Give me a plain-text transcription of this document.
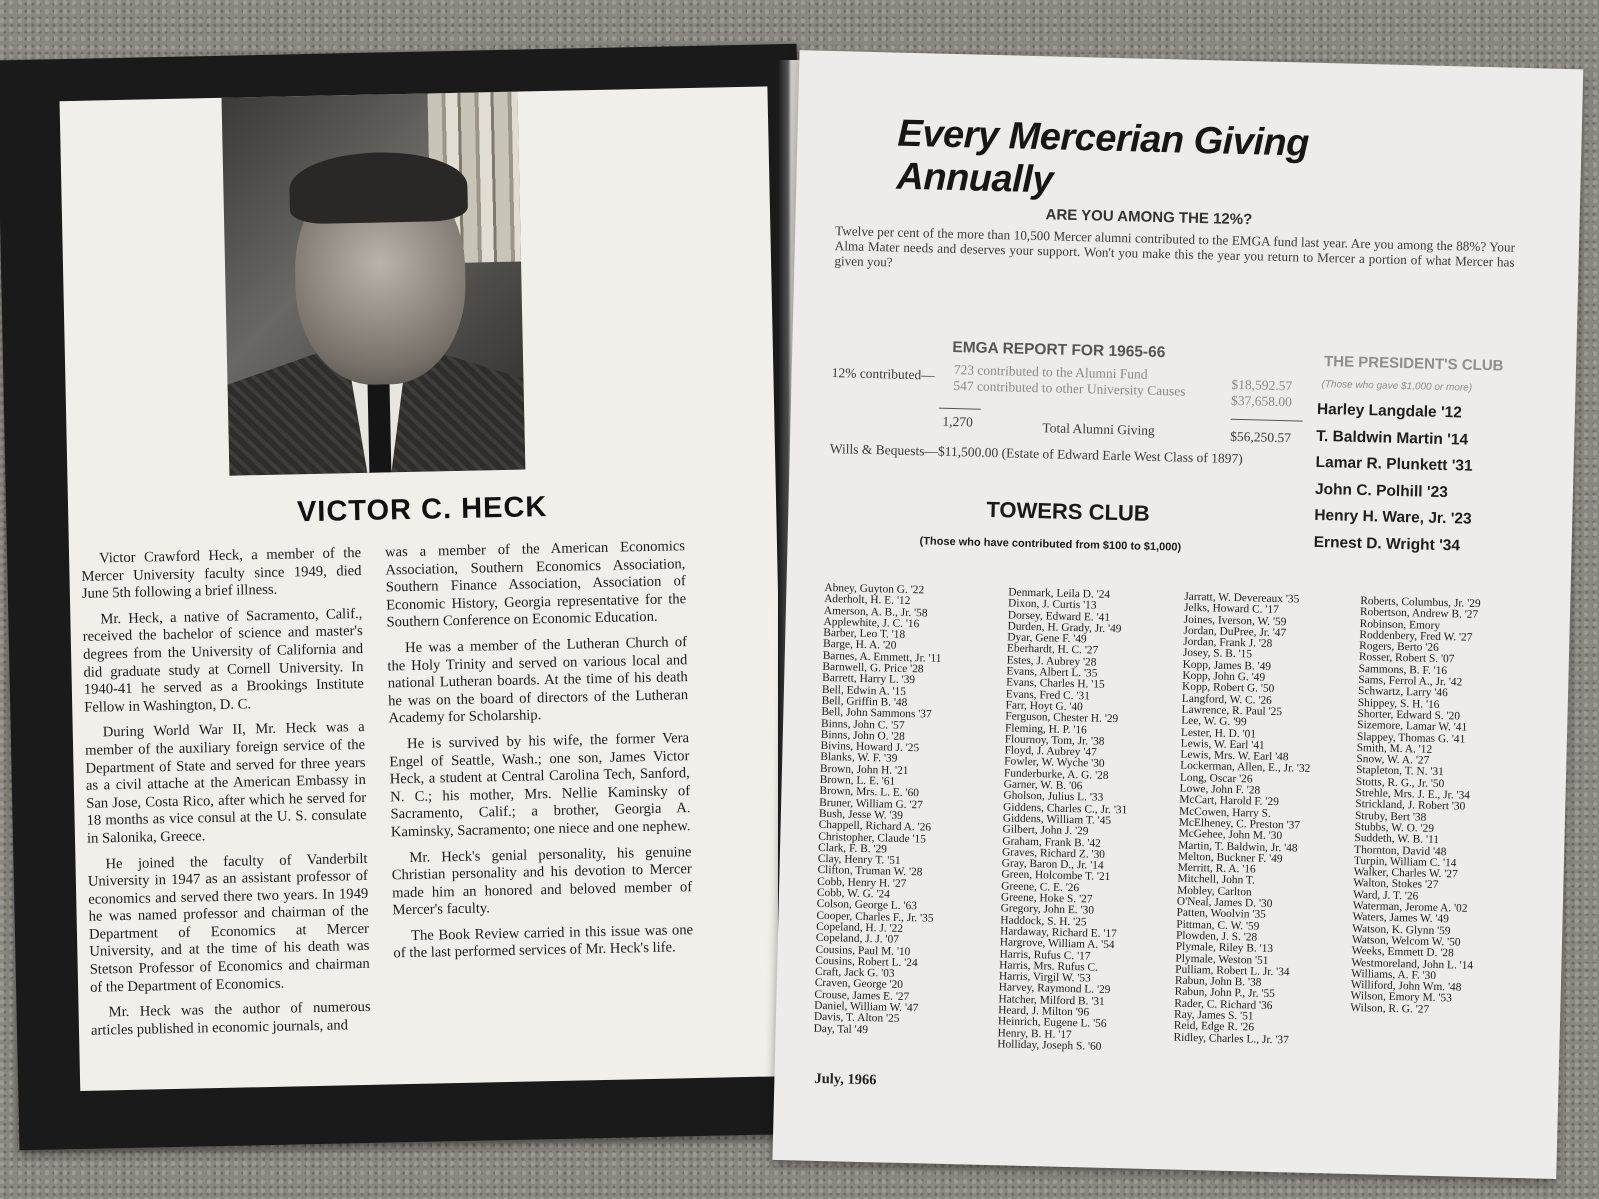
VICTOR C. HECK

Victor Crawford Heck, a member of the Mercer University faculty since 1949, died June 5th following a brief illness.

Mr. Heck, a native of Sacramento, Calif., received the bachelor of science and master's degrees from the University of California and did graduate study at Cornell University. In 1940-41 he served as a Brookings Institute Fellow in Washington, D. C.

During World War II, Mr. Heck was a member of the auxiliary foreign service of the Department of State and served for three years as a civil attache at the American Embassy in San Jose, Costa Rico, after which he served for 18 months as vice consul at the U. S. consulate in Salonika, Greece.

He joined the faculty of Vanderbilt University in 1947 as an assistant professor of economics and served there two years. In 1949 he was named professor and chairman of the Department of Economics at Mercer University, and at the time of his death was Stetson Professor of Economics and chairman of the Department of Economics.

Mr. Heck was the author of numerous articles published in economic journals, and

was a member of the American Economics Association, Southern Economics Association, Southern Finance Association, Association of Economic History, Georgia representative for the Southern Conference on Economic Education.

He was a member of the Lutheran Church of the Holy Trinity and served on various local and national Lutheran boards. At the time of his death he was on the board of directors of the Lutheran Academy for Scholarship.

He is survived by his wife, the former Vera Engel of Seattle, Wash.; one son, James Victor Heck, a student at Central Carolina Tech, Sanford, N. C.; his mother, Mrs. Nellie Kaminsky of Sacramento, Calif.; a brother, Georgia A. Kaminsky, Sacramento; one niece and one nephew.

Mr. Heck's genial personality, his genuine Christian personality and his devotion to Mercer made him an honored and beloved member of Mercer's faculty.

The Book Review carried in this issue was one of the last performed services of Mr. Heck's life.

Every Mercerian Giving Annually
ARE YOU AMONG THE 12%?
Twelve per cent of the more than 10,500 Mercer alumni contributed to the EMGA fund last year. Are you among the 88%? Your Alma Mater needs and deserves your support. Won't you make this the year you return to Mercer a portion of what Mercer has given you?
EMGA REPORT FOR 1965-66
12% contributed— 723 contributed to the Alumni Fund
$18,592.57
547 contributed to other University Causes
$37,658.00
1,270	Total Alumni Giving	$56,250.57
Wills & Bequests—$11,500.00 (Estate of Edward Earle West Class of 1897)
THE PRESIDENT'S CLUB
(Those who gave $1,000 or more)
Harley Langdale '12
T. Baldwin Martin '14
Lamar R. Plunkett '31
John C. Polhill '23
Henry H. Ware, Jr. '23
Ernest D. Wright '34
TOWERS CLUB
(Those who have contributed from $100 to $1,000)
Abney, Guyton G. '22
Aderholt, H. E. '12
Amerson, A. B., Jr. '58
Applewhite, J. C. '16
Barber, Leo T. '18
Barge, H. A. '20
Barnes, A. Emmett, Jr. '11
Barnwell, G. Price '28
Barrett, Harry L. '39
Bell, Edwin A. '15
Bell, Griffin B. '48
Bell, John Sammons '37
Binns, John C. '57
Binns, John O. '28
Bivins, Howard J. '25
Blanks, W. F. '39
Brown, John H. '21
Brown, L. E. '61
Brown, Mrs. L. E. '60
Bruner, William G. '27
Bush, Jesse W. '39
Chappell, Richard A. '26
Christopher, Claude '15
Clark, F. B. '29
Clay, Henry T. '51
Clifton, Truman W. '28
Cobb, Henry H. '27
Cobb, W. G. '24
Colson, George L. '63
Cooper, Charles F., Jr. '35
Copeland, H. J. '22
Copeland, J. J. '07
Cousins, Paul M. '10
Cousins, Robert L. '24
Craft, Jack G. '03
Craven, George '20
Crouse, James E. '27
Daniel, William W. '47
Davis, T. Alton '25
Day, Tal '49
Denmark, Leila D. '24
Dixon, J. Curtis '13
Dorsey, Edward E. '41
Durden, H. Grady, Jr. '49
Dyar, Gene F. '49
Eberhardt, H. C. '27
Estes, J. Aubrey '28
Evans, Albert L. '35
Evans, Charles H. '15
Evans, Fred C. '31
Farr, Hoyt G. '40
Ferguson, Chester H. '29
Fleming, H. P. '16
Flournoy, Tom, Jr. '38
Floyd, J. Aubrey '47
Fowler, W. Wyche '30
Funderburke, A. G. '28
Garner, W. B. '06
Gholson, Julius L. '33
Giddens, Charles C., Jr. '31
Giddens, William T. '45
Gilbert, John J. '29
Graham, Frank B. '42
Graves, Richard Z. '30
Gray, Baron D., Jr. '14
Green, Holcombe T. '21
Greene, C. E. '26
Greene, Hoke S. '27
Gregory, John E. '30
Haddock, S. H. '25
Hardaway, Richard E. '17
Hargrove, William A. '54
Harris, Rufus C. '17
Harris, Mrs. Rufus C.
Harris, Virgil W. '53
Harvey, Raymond L. '29
Hatcher, Milford B. '31
Heard, J. Milton '96
Heinrich, Eugene L. '56
Henry, B. H. '17
Holliday, Joseph S. '60
Jarratt, W. Devereaux '35
Jelks, Howard C. '17
Joines, Iverson, W. '59
Jordan, DuPree, Jr. '47
Jordan, Frank J. '28
Josey, S. B. '15
Kopp, James B. '49
Kopp, John G. '49
Kopp, Robert G. '50
Langford, W. C. '26
Lawrence, R. Paul '25
Lee, W. G. '99
Lester, H. D. '01
Lewis, W. Earl '41
Lewis, Mrs. W. Earl '48
Lockerman, Allen, E., Jr. '32
Long, Oscar '26
Lowe, John F. '28
McCart, Harold F. '29
McCowen, Harry S.
McElheney, C. Preston '37
McGehee, John M. '30
Martin, T. Baldwin, Jr. '48
Melton, Buckner F. '49
Merritt, R. A. '16
Mitchell, John T.
Mobley, Carlton
O'Neal, James D. '30
Patten, Woolvin '35
Pittman, C. W. '59
Plowden, J. S. '28
Plymale, Riley B. '13
Plymale, Weston '51
Pulliam, Robert L. Jr. '34
Rabun, John B. '38
Rabun, John P., Jr. '55
Rader, C. Richard '36
Ray, James S. '51
Reid, Edge R. '26
Ridley, Charles L., Jr. '37
Roberts, Columbus, Jr. '29
Robertson, Andrew B. '27
Robinson, Emory
Roddenbery, Fred W. '27
Rogers, Berto '26
Rosser, Robert S. '07
Sammons, B. F. '16
Sams, Ferrol A., Jr. '42
Schwartz, Larry '46
Shippey, S. H. '16
Shorter, Edward S. '20
Sizemore, Lamar W. '41
Slappey, Thomas G. '41
Smith, M. A. '12
Snow, W. A. '27
Stapleton, T. N. '31
Stotts, R. G., Jr. '50
Strehle, Mrs. J. E., Jr. '34
Strickland, J. Robert '30
Struby, Bert '38
Stubbs, W. O. '29
Suddeth, W. B. '11
Thornton, David '48
Turpin, William C. '14
Walker, Charles W. '27
Walton, Stokes '27
Ward, J. T. '26
Waterman, Jerome A. '02
Waters, James W. '49
Watson, K. Glynn '59
Watson, Welcom W. '50
Weeks, Emmett D. '28
Westmoreland, John L. '14
Williams, A. F. '30
Williford, John Wm. '48
Wilson, Emory M. '53
Wilson, R. G. '27
July, 1966
